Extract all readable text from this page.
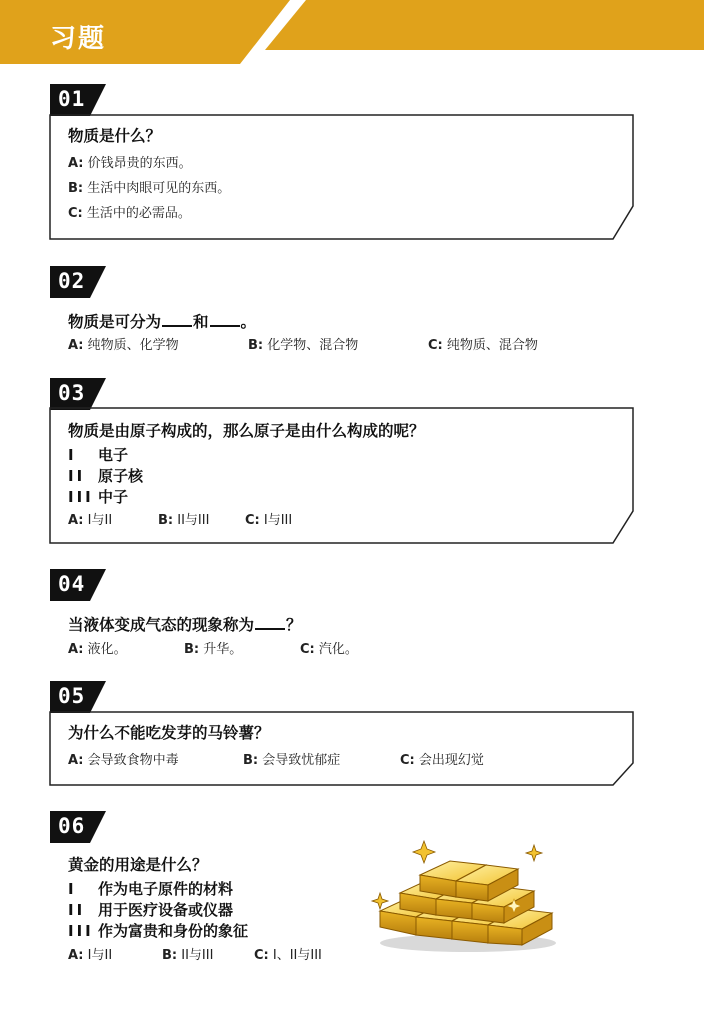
习题
01
物质是什么？
A: 价钱昂贵的东西。
B: 生活中肉眼可见的东西。
C: 生活中的必需品。
02
物质是可分为 和 。
A: 纯物质、化学物	B: 化学物、混合物	C: 纯物质、混合物
03
物质是由原子构成的，那么原子是由什么构成的呢？
I 电子
II 原子核
III 中子
A: I与II	B: II与III	C: I与III
04
当液体变成气态的现象称为 ？
A: 液化。	B: 升华。	C: 汽化。
05
为什么不能吃发芽的马铃薯？
A: 会导致食物中毒	B: 会导致忧郁症	C: 会出现幻觉
06
黄金的用途是什么？
I 作为电子原件的材料
II 用于医疗设备或仪器
III 作为富贵和身份的象征
A: I与II	B: II与III	C: I、II与III
